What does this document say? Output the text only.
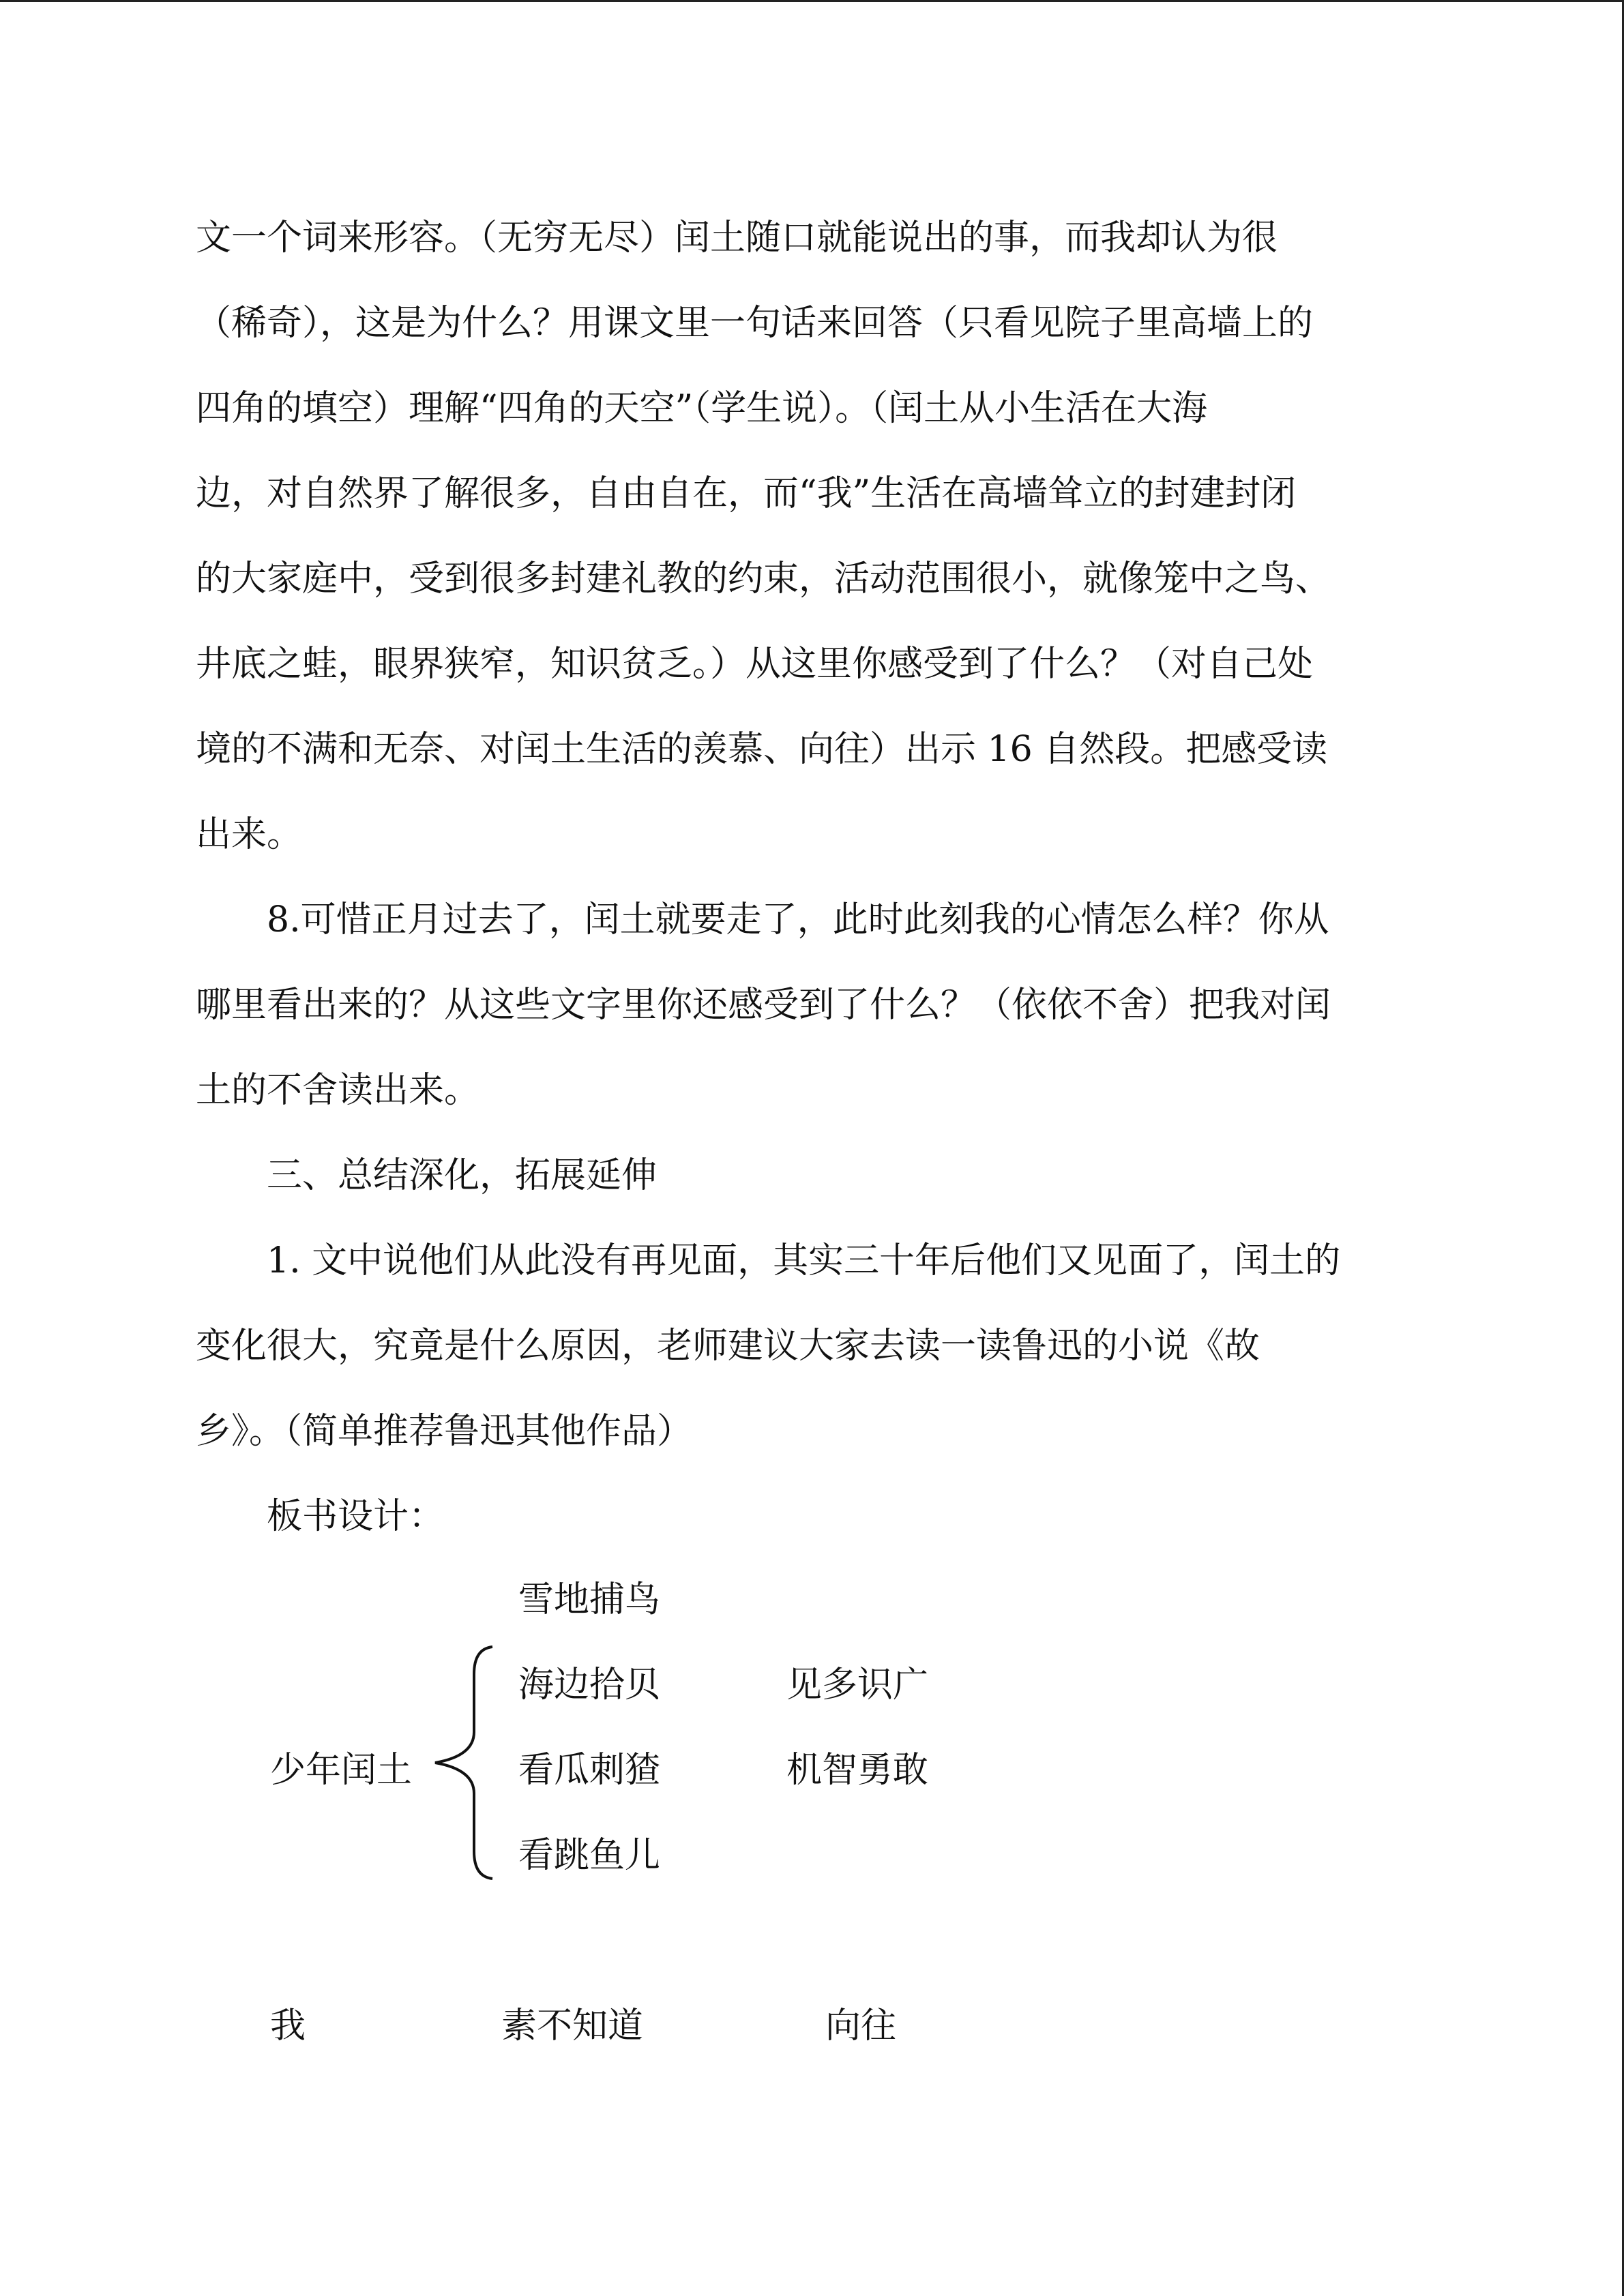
文一个词来形容。（无穷无尽）闰土随口就能说出的事，而我却认为很
（稀奇），这是为什么？用课文里一句话来回答（只看见院子里高墙上的
四角的填空）理解“四角的天空”（学生说）。（闰土从小生活在大海
边，对自然界了解很多，自由自在，而“我”生活在高墙耸立的封建封闭
的大家庭中，受到很多封建礼教的约束，活动范围很小，就像笼中之鸟、
井底之蛙，眼界狭窄，知识贫乏。）从这里你感受到了什么？（对自己处
境的不满和无奈、对闰土生活的羡慕、向往）出示 16 自然段。把感受读
出来。

　　8.可惜正月过去了，闰土就要走了，此时此刻我的心情怎么样？你从
哪里看出来的？从这些文字里你还感受到了什么？（依依不舍）把我对闰
土的不舍读出来。

　　三、总结深化，拓展延伸

　　1. 文中说他们从此没有再见面，其实三十年后他们又见面了，闰土的
变化很大，究竟是什么原因，老师建议大家去读一读鲁迅的小说《故
乡》。（简单推荐鲁迅其他作品）

　　板书设计：

雪地捕鸟
海边拾贝
看瓜刺猹
看跳鱼儿
少年闰土
见多识广
机智勇敢
我	素不知道	向往
